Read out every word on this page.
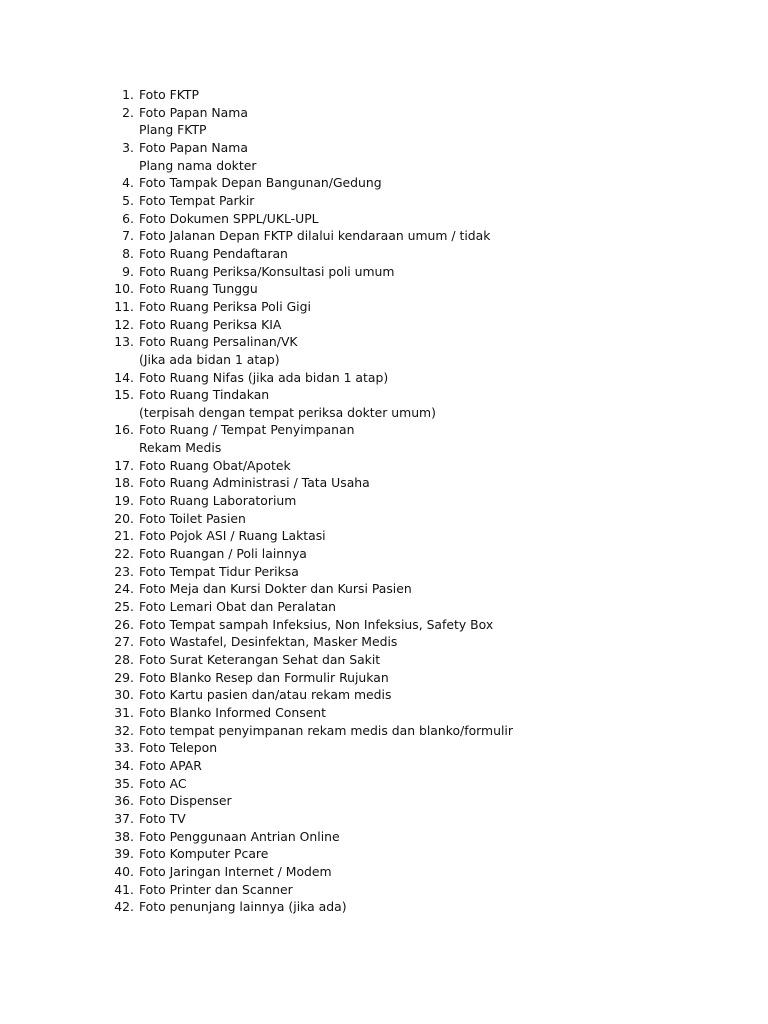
1. Foto FKTP
2. Foto Papan Nama
Plang FKTP
3. Foto Papan Nama
Plang nama dokter
4. Foto Tampak Depan Bangunan/Gedung
5. Foto Tempat Parkir
6. Foto Dokumen SPPL/UKL-UPL
7. Foto Jalanan Depan FKTP dilalui kendaraan umum / tidak
8. Foto Ruang Pendaftaran
9. Foto Ruang Periksa/Konsultasi poli umum
10. Foto Ruang Tunggu
11. Foto Ruang Periksa Poli Gigi
12. Foto Ruang Periksa KIA
13. Foto Ruang Persalinan/VK
(Jika ada bidan 1 atap)
14. Foto Ruang Nifas (jika ada bidan 1 atap)
15. Foto Ruang Tindakan
(terpisah dengan tempat periksa dokter umum)
16. Foto Ruang / Tempat Penyimpanan
Rekam Medis
17. Foto Ruang Obat/Apotek
18. Foto Ruang Administrasi / Tata Usaha
19. Foto Ruang Laboratorium
20. Foto Toilet Pasien
21. Foto Pojok ASI / Ruang Laktasi
22. Foto Ruangan / Poli lainnya
23. Foto Tempat Tidur Periksa
24. Foto Meja dan Kursi Dokter dan Kursi Pasien
25. Foto Lemari Obat dan Peralatan
26. Foto Tempat sampah Infeksius, Non Infeksius, Safety Box
27. Foto Wastafel, Desinfektan, Masker Medis
28. Foto Surat Keterangan Sehat dan Sakit
29. Foto Blanko Resep dan Formulir Rujukan
30. Foto Kartu pasien dan/atau rekam medis
31. Foto Blanko Informed Consent
32. Foto tempat penyimpanan rekam medis dan blanko/formulir
33. Foto Telepon
34. Foto APAR
35. Foto AC
36. Foto Dispenser
37. Foto TV
38. Foto Penggunaan Antrian Online
39. Foto Komputer Pcare
40. Foto Jaringan Internet / Modem
41. Foto Printer dan Scanner
42. Foto penunjang lainnya (jika ada)
